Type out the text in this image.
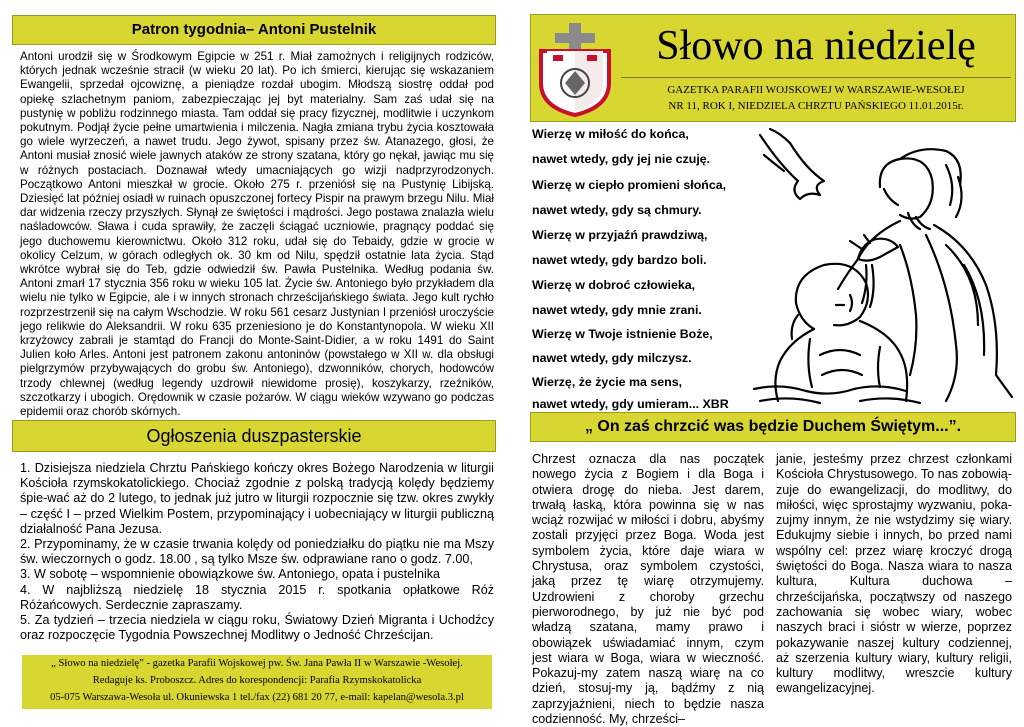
Patron tygodnia– Antoni Pustelnik
Antoni urodził się w Środkowym Egipcie w 251 r. Miał zamożnych i religijnych rodziców, których jednak wcześnie stracił (w wieku 20 lat). Po ich śmierci, kierując się wskazaniem Ewangelii, sprzedał ojcowiznę, a pieniądze rozdał ubogim. Młodszą siostrę oddał pod opiekę szlachetnym paniom, zabezpieczając jej byt materialny. Sam zaś udał się na pustynię w pobliżu rodzinnego miasta. Tam oddał się pracy fizycznej, modlitwie i uczynkom pokutnym. Podjął życie pełne umartwienia i milczenia. Nagła zmiana trybu życia kosztowała go wiele wyrzeczeń, a nawet trudu. Jego żywot, spisany przez św. Atanazego, głosi, że Antoni musiał znosić wiele jawnych ataków ze strony szatana, który go nękał, jawiąc mu się w różnych postaciach. Doznawał wtedy umacniających go wizji nadprzyrodzonych. Początkowo Antoni mieszkał w grocie. Około 275 r. przeniósł się na Pustynię Libijską. Dziesięć lat później osiadł w ruinach opuszczonej fortecy Pispir na prawym brzegu Nilu. Miał dar widzenia rzeczy przyszłych. Słynął ze świętości i mądrości. Jego postawa znalazła wielu naśladowców. Sława i cuda sprawiły, że zaczęli ściągać uczniowie, pragnący poddać się jego duchowemu kierownictwu. Około 312 roku, udał się do Tebaidy, gdzie w grocie w okolicy Celzum, w górach odległych ok. 30 km od Nilu, spędził ostatnie lata życia. Stąd wkrótce wybrał się do Teb, gdzie odwiedził św. Pawła Pustelnika. Według podania św. Antoni zmarł 17 stycznia 356 roku w wieku 105 lat. Życie św. Antoniego było przykładem dla wielu nie tylko w Egipcie, ale i w innych stronach chrześcijańskiego świata. Jego kult rychło rozprzestrzenił się na całym Wschodzie. W roku 561 cesarz Justynian I przeniósł uroczyście jego relikwie do Aleksandrii. W roku 635 przeniesiono je do Konstantynopola. W wieku XII krzyżowcy zabrali je stamtąd do Francji do Monte-Saint-Didier, a w roku 1491 do Saint Julien koło Arles. Antoni jest patronem zakonu antoninów (powstałego w XII w. dla obsługi pielgrzymów przybywających do grobu św. Antoniego), dzwonników, chorych, hodowców trzody chlewnej (według legendy uzdrowił niewidome prosię), koszykarzy, rzeźników, szczotkarzy i ubogich. Orędownik w czasie pożarów. W ciągu wieków wzywano go podczas epidemii oraz chorób skórnych.
Ogłoszenia duszpasterskie

1. Dzisiejsza niedziela Chrztu Pańskiego kończy okres Bożego Narodzenia w liturgii Kościoła rzymskokatolickiego. Chociaż zgodnie z polską tradycją kolędy będziemy śpie-wać aż do 2 lutego, to jednak już jutro w liturgii rozpocznie się tzw. okres zwykły – część I – przed Wielkim Postem, przypominający i uobecniający w liturgii publiczną działalność Pana Jezusa.

2. Przypominamy, że w czasie trwania kolędy od poniedziałku do piątku nie ma Mszy św. wieczornych o godz. 18.00 , są tylko Msze św. odprawiane rano o godz. 7.00,

3. W sobotę – wspomnienie obowiązkowe św. Antoniego, opata i pustelnika

4. W najbliższą niedzielę 18 stycznia 2015 r. spotkania opłatkowe Róż Różańcowych. Serdecznie zapraszamy.

5. Za tydzień – trzecia niedziela w ciągu roku, Światowy Dzień Migranta i Uchodźcy oraz rozpoczęcie Tygodnia Powszechnej Modlitwy o Jedność Chrześcijan.

„ Słowo na niedzielę” - gazetka Parafii Wojskowej pw. Św. Jana Pawła II w Warszawie -Wesołej.
Redaguje ks. Proboszcz. Adres do korespondencji: Parafia Rzymskokatolicka
05-075 Warszawa-Wesoła ul. Okuniewska 1 tel./fax (22) 681 20 77, e-mail: kapelan@wesola.3.pl
Słowo na niedzielę
GAZETKA PARAFII WOJSKOWEJ W WARSZAWIE-WESOŁEJ
NR 11, ROK I, NIEDZIELA CHRZTU PAŃSKIEGO 11.01.2015r.
Wierzę w miłość do końca,
nawet wtedy, gdy jej nie czuję.
Wierzę w ciepło promieni słońca,
nawet wtedy, gdy są chmury.
Wierzę w przyjaźń prawdziwą,
nawet wtedy, gdy bardzo boli.
Wierzę w dobroć człowieka,
nawet wtedy, gdy mnie zrani.
Wierzę w Twoje istnienie Boże,
nawet wtedy, gdy milczysz.
Wierzę, że życie ma sens,
nawet wtedy, gdy umieram... XBR
„ On zaś chrzcić was będzie Duchem Świętym...”.
Chrzest oznacza dla nas początek nowego życia z Bogiem i dla Boga i otwiera drogę do nieba. Jest darem, trwałą łaską, która powinna się w nas wciąż rozwijać w miłości i dobru, abyśmy zostali przyjęci przez Boga. Woda jest symbolem życia, które daje wiara w Chrystusa, oraz symbolem czystości, jaką przez tę wiarę otrzymujemy. Uzdrowieni z choroby grzechu pierworodnego, by już nie być pod władzą szatana, mamy prawo i obowiązek uświadamiać innym, czym jest wiara w Boga, wiara w wieczność. Pokazuj-my zatem naszą wiarę na co dzień, stosuj-my ją, bądźmy z nią zaprzyjaźnieni, niech to będzie nasza codzienność. My, chrześci–
janie, jesteśmy przez chrzest członkami Kościoła Chrystusowego. To nas zobowią-zuje do ewangelizacji, do modlitwy, do miłości, więc sprostajmy wyzwaniu, poka-zujmy innym, że nie wstydzimy się wiary. Edukujmy siebie i innych, bo przed nami wspólny cel: przez wiarę kroczyć drogą świętości do Boga. Nasza wiara to nasza kultura, Kultura duchowa – chrześcijańska, początwszy od naszego zachowania się wobec wiary, wobec naszych braci i sióstr w wierze, poprzez pokazywanie naszej kultury codziennej, aż szerzenia kultury wiary, kultury religii, kultury modlitwy, wreszcie kultury ewangelizacyjnej.
